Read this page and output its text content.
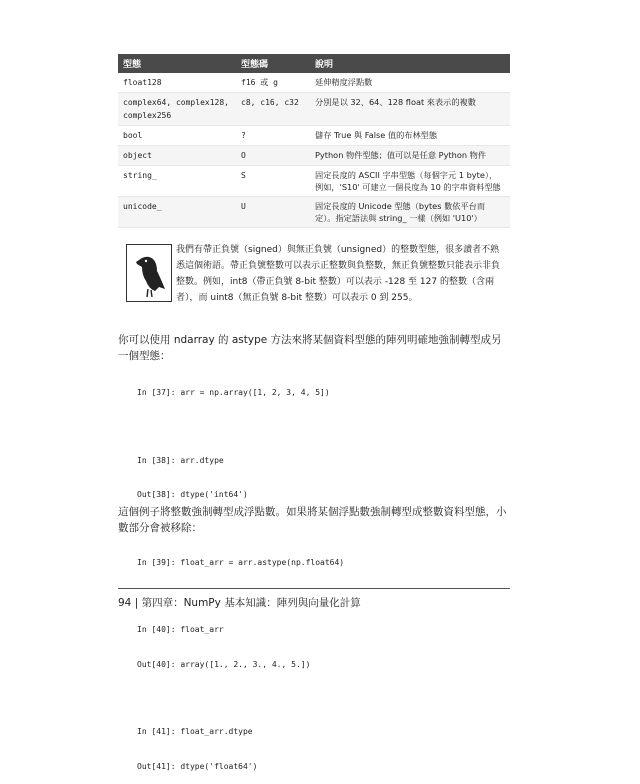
型態	型態碼	說明
float128	f16 或 g	延伸精度浮點數
complex64, complex128, complex256	c8, c16, c32	分別是以 32、64、128 float 來表示的複數
bool	?	儲存 True 與 False 值的布林型態
object	O	Python 物件型態；值可以是任意 Python 物件
string_	S	固定長度的 ASCII 字串型態（每個字元 1 byte），例如，'S10' 可建立一個長度為 10 的字串資料型態
unicode_	U	固定長度的 Unicode 型態（bytes 數依平台而定）。指定語法與 string_ 一樣（例如 'U10'）
我們有帶正負號（signed）與無正負號（unsigned）的整數型態，很多讀者不熟悉這個術語。帶正負號整數可以表示正整數與負整數，無正負號整數只能表示非負整數。例如，int8（帶正負號 8-bit 整數）可以表示 -128 至 127 的整數（含兩者），而 uint8（無正負號 8-bit 整數）可以表示 0 到 255。
你可以使用 ndarray 的 astype 方法來將某個資料型態的陣列明確地強制轉型成另一個型態：

In [37]: arr = np.array([1, 2, 3, 4, 5])

In [38]: arr.dtype

Out[38]: dtype('int64')

In [39]: float_arr = arr.astype(np.float64)

In [40]: float_arr

Out[40]: array([1., 2., 3., 4., 5.])

In [41]: float_arr.dtype

Out[41]: dtype('float64')

這個例子將整數強制轉型成浮點數。如果將某個浮點數強制轉型成整數資料型態，小數部分會被移除：
94 | 第四章：NumPy 基本知識：陣列與向量化計算
